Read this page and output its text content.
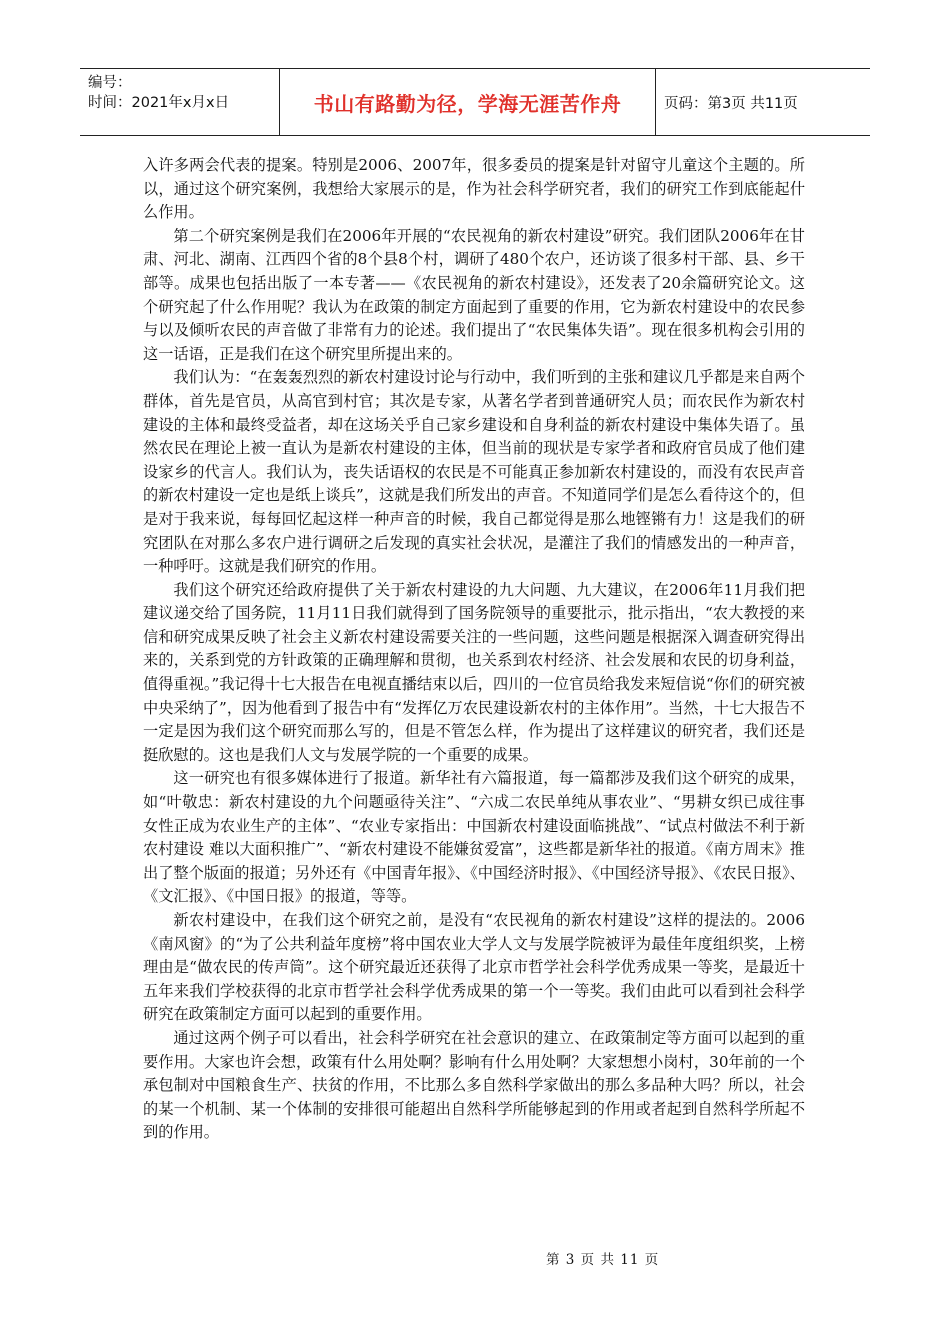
编号：
时间：2021年x月x日	书山有路勤为径，学海无涯苦作舟	页码：第3页 共11页

入许多两会代表的提案。特别是2006、2007年，很多委员的提案是针对留守儿童这个主题的。所以，通过这个研究案例，我想给大家展示的是，作为社会科学研究者，我们的研究工作到底能起什么作用。

第二个研究案例是我们在2006年开展的“农民视角的新农村建设”研究。我们团队2006年在甘肃、河北、湖南、江西四个省的8个县8个村，调研了480个农户，还访谈了很多村干部、县、乡干部等。成果也包括出版了一本专著——《农民视角的新农村建设》，还发表了20余篇研究论文。这个研究起了什么作用呢？我认为在政策的制定方面起到了重要的作用，它为新农村建设中的农民参与以及倾听农民的声音做了非常有力的论述。我们提出了“农民集体失语”。现在很多机构会引用的这一话语，正是我们在这个研究里所提出来的。

我们认为：“在轰轰烈烈的新农村建设讨论与行动中，我们听到的主张和建议几乎都是来自两个群体，首先是官员，从高官到村官；其次是专家，从著名学者到普通研究人员；而农民作为新农村建设的主体和最终受益者，却在这场关乎自己家乡建设和自身利益的新农村建设中集体失语了。虽然农民在理论上被一直认为是新农村建设的主体，但当前的现状是专家学者和政府官员成了他们建设家乡的代言人。我们认为，丧失话语权的农民是不可能真正参加新农村建设的，而没有农民声音的新农村建设一定也是纸上谈兵”，这就是我们所发出的声音。不知道同学们是怎么看待这个的，但是对于我来说，每每回忆起这样一种声音的时候，我自己都觉得是那么地铿锵有力！这是我们的研究团队在对那么多农户进行调研之后发现的真实社会状况，是灌注了我们的情感发出的一种声音，一种呼吁。这就是我们研究的作用。

我们这个研究还给政府提供了关于新农村建设的九大问题、九大建议，在2006年11月我们把建议递交给了国务院，11月11日我们就得到了国务院领导的重要批示，批示指出，“农大教授的来信和研究成果反映了社会主义新农村建设需要关注的一些问题，这些问题是根据深入调查研究得出来的，关系到党的方针政策的正确理解和贯彻，也关系到农村经济、社会发展和农民的切身利益，值得重视。”我记得十七大报告在电视直播结束以后，四川的一位官员给我发来短信说“你们的研究被中央采纳了”，因为他看到了报告中有“发挥亿万农民建设新农村的主体作用”。当然，十七大报告不一定是因为我们这个研究而那么写的，但是不管怎么样，作为提出了这样建议的研究者，我们还是挺欣慰的。这也是我们人文与发展学院的一个重要的成果。

这一研究也有很多媒体进行了报道。新华社有六篇报道，每一篇都涉及我们这个研究的成果，如“叶敬忠：新农村建设的九个问题亟待关注”、“六成二农民单纯从事农业”、“男耕女织已成往事 女性正成为农业生产的主体”、“农业专家指出：中国新农村建设面临挑战”、“试点村做法不利于新农村建设 难以大面积推广”、“新农村建设不能嫌贫爱富”，这些都是新华社的报道。《南方周末》推出了整个版面的报道；另外还有《中国青年报》、《中国经济时报》、《中国经济导报》、《农民日报》、《文汇报》、《中国日报》的报道，等等。

新农村建设中，在我们这个研究之前，是没有“农民视角的新农村建设”这样的提法的。2006《南风窗》的“为了公共利益年度榜”将中国农业大学人文与发展学院被评为最佳年度组织奖，上榜理由是“做农民的传声筒”。这个研究最近还获得了北京市哲学社会科学优秀成果一等奖，是最近十五年来我们学校获得的北京市哲学社会科学优秀成果的第一个一等奖。我们由此可以看到社会科学研究在政策制定方面可以起到的重要作用。

通过这两个例子可以看出，社会科学研究在社会意识的建立、在政策制定等方面可以起到的重要作用。大家也许会想，政策有什么用处啊？影响有什么用处啊？大家想想小岗村，30年前的一个承包制对中国粮食生产、扶贫的作用，不比那么多自然科学家做出的那么多品种大吗？所以，社会的某一个机制、某一个体制的安排很可能超出自然科学所能够起到的作用或者起到自然科学所起不到的作用。

第 3 页 共 11 页
